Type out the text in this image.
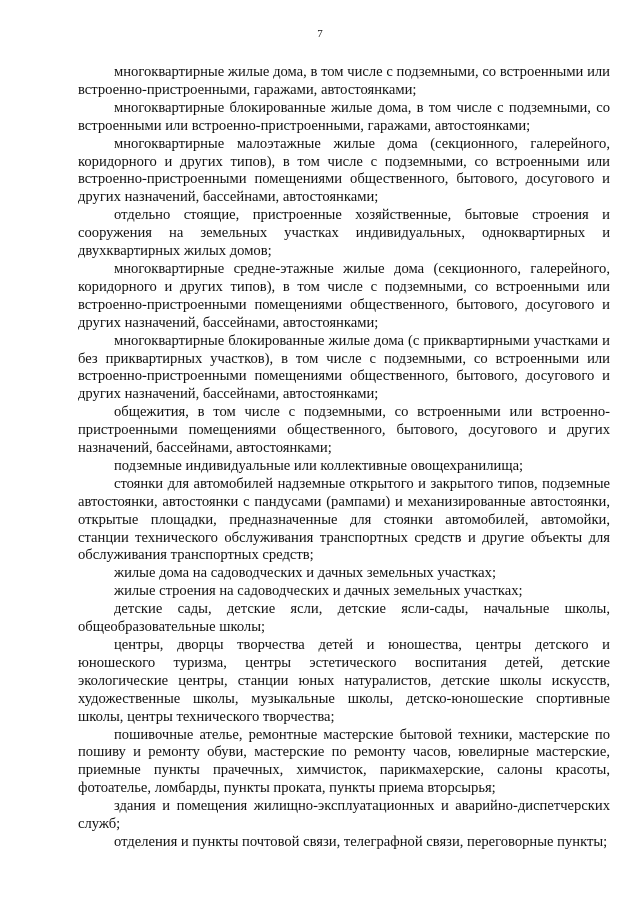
7

многоквартирные жилые дома, в том числе с подземными, со встроенными или встроенно-пристроенными, гаражами, автостоянками;

многоквартирные блокированные жилые дома, в том числе с подземными, со встроенными или встроенно-пристроенными, гаражами, автостоянками;

многоквартирные малоэтажные жилые дома (секционного, галерейного, коридорного и других типов), в том числе с подземными, со встроенными или встроенно-пристроенными помещениями общественного, бытового, досугового и других назначений, бассейнами, автостоянками;

отдельно стоящие, пристроенные хозяйственные, бытовые строения и сооружения на земельных участках индивидуальных, одноквартирных и двухквартирных жилых домов;

многоквартирные средне-этажные жилые дома (секционного, галерейного, коридорного и других типов), в том числе с подземными, со встроенными или встроенно-пристроенными помещениями общественного, бытового, досугового и других назначений, бассейнами, автостоянками;

многоквартирные блокированные жилые дома (с приквартирными участками и без приквартирных участков), в том числе с подземными, со встроенными или встроенно-пристроенными помещениями общественного, бытового, досугового и других назначений, бассейнами, автостоянками;

общежития, в том числе с подземными, со встроенными или встроенно-пристроенными помещениями общественного, бытового, досугового и других назначений, бассейнами, автостоянками;

подземные индивидуальные или коллективные овощехранилища;

стоянки для автомобилей надземные открытого и закрытого типов, подземные автостоянки, автостоянки с пандусами (рампами) и механизированные автостоянки, открытые площадки, предназначенные для стоянки автомобилей, автомойки, станции технического обслуживания транспортных средств и другие объекты для обслуживания транспортных средств;

жилые дома на садоводческих и дачных земельных участках;

жилые строения на садоводческих и дачных земельных участках;

детские сады, детские ясли, детские ясли-сады, начальные школы, общеобразовательные школы;

центры, дворцы творчества детей и юношества, центры детского и юношеского туризма, центры эстетического воспитания детей, детские экологические центры, станции юных натуралистов, детские школы искусств, художественные школы, музыкальные школы, детско-юношеские спортивные школы, центры технического творчества;

пошивочные ателье, ремонтные мастерские бытовой техники, мастерские по пошиву и ремонту обуви, мастерские по ремонту часов, ювелирные мастерские, приемные пункты прачечных, химчисток, парикмахерские, салоны красоты, фотоателье, ломбарды, пункты проката, пункты приема вторсырья;

здания и помещения жилищно-эксплуатационных и аварийно-диспетчерских служб;

отделения и пункты почтовой связи, телеграфной связи, переговорные пункты;
